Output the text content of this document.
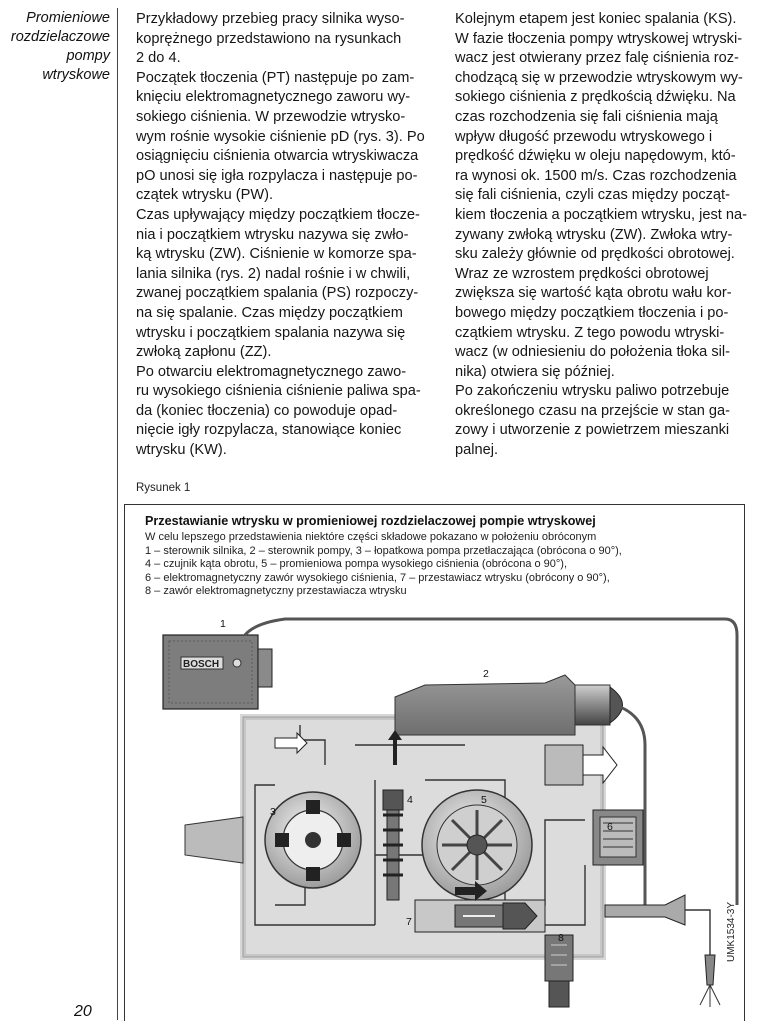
Promieniowe
rozdzielaczowe
pompy
wtryskowe

Przykładowy przebieg pracy silnika wyso-

koprężnego przedstawiono na rysunkach

2 do 4.

Początek tłoczenia (PT) następuje po zam-

knięciu elektromagnetycznego zaworu wy-

sokiego ciśnienia. W przewodzie wtrysko-

wym rośnie wysokie ciśnienie pD (rys. 3). Po

osiągnięciu ciśnienia otwarcia wtryskiwacza

pO unosi się igła rozpylacza i następuje po-

czątek wtrysku (PW).

Czas upływający między początkiem tłocze-

nia i początkiem wtrysku nazywa się zwło-

ką wtrysku (ZW). Ciśnienie w komorze spa-

lania silnika (rys. 2) nadal rośnie i w chwili,

zwanej początkiem spalania (PS) rozpoczy-

na się spalanie. Czas między początkiem

wtrysku i początkiem spalania nazywa się

zwłoką zapłonu (ZZ).

Po otwarciu elektromagnetycznego zawo-

ru wysokiego ciśnienia ciśnienie paliwa spa-

da (koniec tłoczenia) co powoduje opad-

nięcie igły rozpylacza, stanowiące koniec

wtrysku (KW).

Kolejnym etapem jest koniec spalania (KS).

W fazie tłoczenia pompy wtryskowej wtryski-

wacz jest otwierany przez falę ciśnienia roz-

chodzącą się w przewodzie wtryskowym wy-

sokiego ciśnienia z prędkością dźwięku. Na

czas rozchodzenia się fali ciśnienia mają

wpływ długość przewodu wtryskowego i

prędkość dźwięku w oleju napędowym, któ-

ra wynosi ok. 1500 m/s. Czas rozchodzenia

się fali ciśnienia, czyli czas między począt-

kiem tłoczenia a początkiem wtrysku, jest na-

zywany zwłoką wtrysku (ZW). Zwłoka wtry-

sku zależy głównie od prędkości obrotowej.

Wraz ze wzrostem prędkości obrotowej

zwiększa się wartość kąta obrotu wału kor-

bowego między początkiem tłoczenia i po-

czątkiem wtrysku. Z tego powodu wtryski-

wacz (w odniesieniu do położenia tłoka sil-

nika) otwiera się później.

Po zakończeniu wtrysku paliwo potrzebuje

określonego czasu na przejście w stan ga-

zowy i utworzenie z powietrzem mieszanki

palnej.

Rysunek 1
Przestawianie wtrysku w promieniowej rozdzielaczowej pompie wtryskowej
W celu lepszego przedstawienia niektóre części składowe pokazano w położeniu obróconym
1 – sterownik silnika, 2 – sterownik pompy, 3 – łopatkowa pompa przetłaczająca (obrócona o 90°),
4 – czujnik kąta obrotu, 5 – promieniowa pompa wysokiego ciśnienia (obrócona o 90°),
6 – elektromagnetyczny zawór wysokiego ciśnienia, 7 – przestawiacz wtrysku (obrócony o 90°),
8 – zawór elektromagnetyczny przestawiacza wtrysku
BOSCH
1
2
3
4	5
6
7
8	UMK1534-3Y
20
